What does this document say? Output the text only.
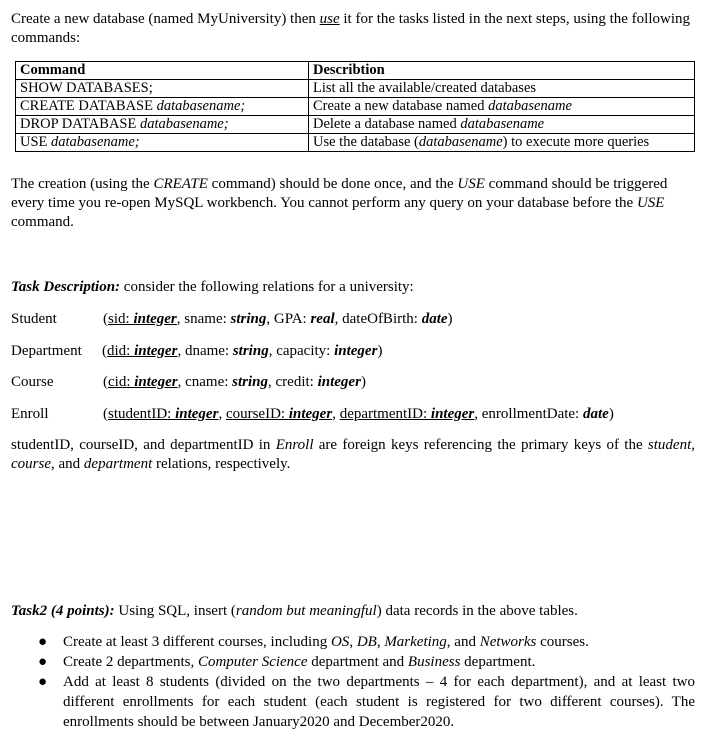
Create a new database (named MyUniversity) then use it for the tasks listed in the next steps, using the following commands:

Command	Describtion
SHOW DATABASES;	List all the available/created databases
CREATE DATABASE databasename;	Create a new database named databasename
DROP DATABASE databasename;	Delete a database named databasename
USE databasename;	Use the database (databasename) to execute more queries

The creation (using the CREATE command) should be done once, and the USE command should be triggered every time you re-open MySQL workbench. You cannot perform any query on your database before the USE command.

Task Description: consider the following relations for a university:

Student	(sid: integer, sname: string, GPA: real, dateOfBirth: date)
Department (did: integer, dname: string, capacity: integer)
Course	(cid: integer, cname: string, credit: integer)
Enroll	(studentID: integer, courseID: integer, departmentID: integer, enrollmentDate: date)

studentID, courseID, and departmentID in Enroll are foreign keys referencing the primary keys of the student, course, and department relations, respectively.

Task2 (4 points): Using SQL, insert (random but meaningful) data records in the above tables.

● Create at least 3 different courses, including OS, DB, Marketing, and Networks courses.
● Create 2 departments, Computer Science department and Business department.
● Add at least 8 students (divided on the two departments – 4 for each department), and at least two different enrollments for each student (each student is registered for two different courses). The enrollments should be between January2020 and December2020.
